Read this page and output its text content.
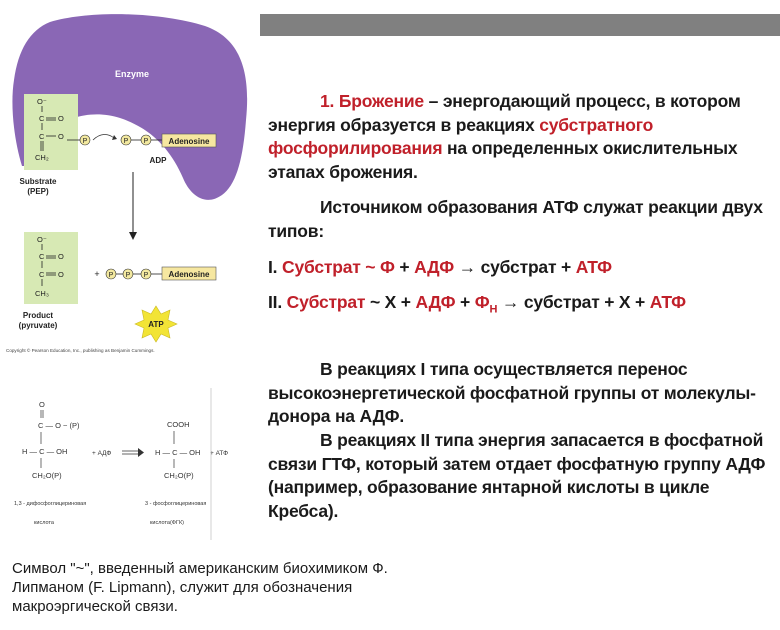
Enzyme
O⁻
C O
C O
CH₂
P	P P	Adenosine
ADP
Substrate
(PEP)
O⁻
C O
C O
CH₃
+ P P P	Adenosine
Product
(pyruvate)	ATP
Copyright © Pearson Education, Inc., publishing as Benjamin Cummings.
O
C — O ~ (P)
H — C — OH
CH₂O(P)
+ АДФ
COOH
H — C — OH
CH₂O(P)
+ АТФ
1,3 - дифосфоглицериновая
кислота
3 - фосфоглицериновая
кислота(ФГК)

1. Брожение – энергодающий процесс, в котором энергия образуется в реакциях субстратного фосфорилирования на определенных окислительных этапах брожения.

Источником образования АТФ служат реакции двух типов:

I. Субстрат ~ Ф + АДФ → субстрат + АТФ

II. Субстрат ~ Х + АДФ + $Ф_Н$ → субстрат + Х + АТФ

В реакциях I типа осуществляется перенос высокоэнергетической фосфатной группы от молекулы-донора на АДФ.

В реакциях II типа энергия запасается в фосфатной связи ГТФ, который затем отдает фосфатную группу АДФ (например, образование янтарной кислоты в цикле Кребса).

Символ "~", введенный американским биохимиком Ф. Липманом (F. Lipmann), служит для обозначения макроэргической связи.
